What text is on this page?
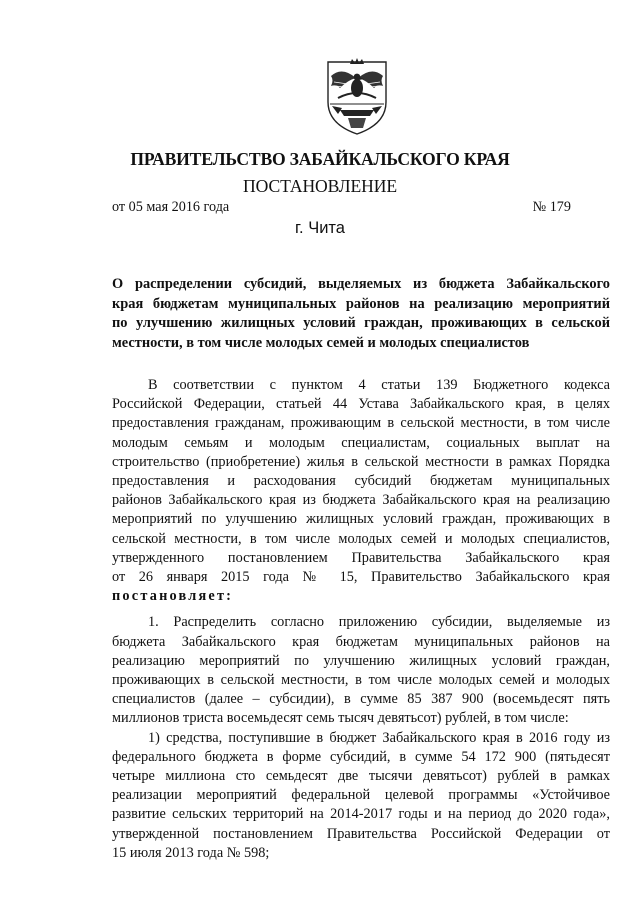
ПРАВИТЕЛЬСТВО ЗАБАЙКАЛЬСКОГО КРАЯ
ПОСТАНОВЛЕНИЕ
от 05 мая 2016 года	№ 179
г. Чита
О распределении субсидий, выделяемых из бюджета Забайкальского
края бюджетам муниципальных районов на реализацию мероприятий
по улучшению жилищных условий граждан, проживающих в сельской
местности, в том числе молодых семей и молодых специалистов
В соответствии с пунктом 4 статьи 139 Бюджетного кодекса
Российской Федерации, статьей 44 Устава Забайкальского края, в целях
предоставления гражданам, проживающим в сельской местности, в том числе
молодым семьям и молодым специалистам, социальных выплат на
строительство (приобретение) жилья в сельской местности в рамках Порядка
предоставления и расходования субсидий бюджетам муниципальных
районов Забайкальского края из бюджета Забайкальского края на реализацию
мероприятий по улучшению жилищных условий граждан, проживающих в
сельской местности, в том числе молодых семей и молодых специалистов,
утвержденного постановлением Правительства Забайкальского края
от 26 января 2015 года № 15, Правительство Забайкальского края
постановляет:
1. Распределить согласно приложению субсидии, выделяемые из
бюджета Забайкальского края бюджетам муниципальных районов на
реализацию мероприятий по улучшению жилищных условий граждан,
проживающих в сельской местности, в том числе молодых семей и молодых
специалистов (далее – субсидии), в сумме 85 387 900 (восемьдесят пять
миллионов триста восемьдесят семь тысяч девятьсот) рублей, в том числе:
1) средства, поступившие в бюджет Забайкальского края в 2016 году из
федерального бюджета в форме субсидий, в сумме 54 172 900 (пятьдесят
четыре миллиона сто семьдесят две тысячи девятьсот) рублей в рамках
реализации мероприятий федеральной целевой программы «Устойчивое
развитие сельских территорий на 2014-2017 годы и на период до 2020 года»,
утвержденной постановлением Правительства Российской Федерации от
15 июля 2013 года № 598;
